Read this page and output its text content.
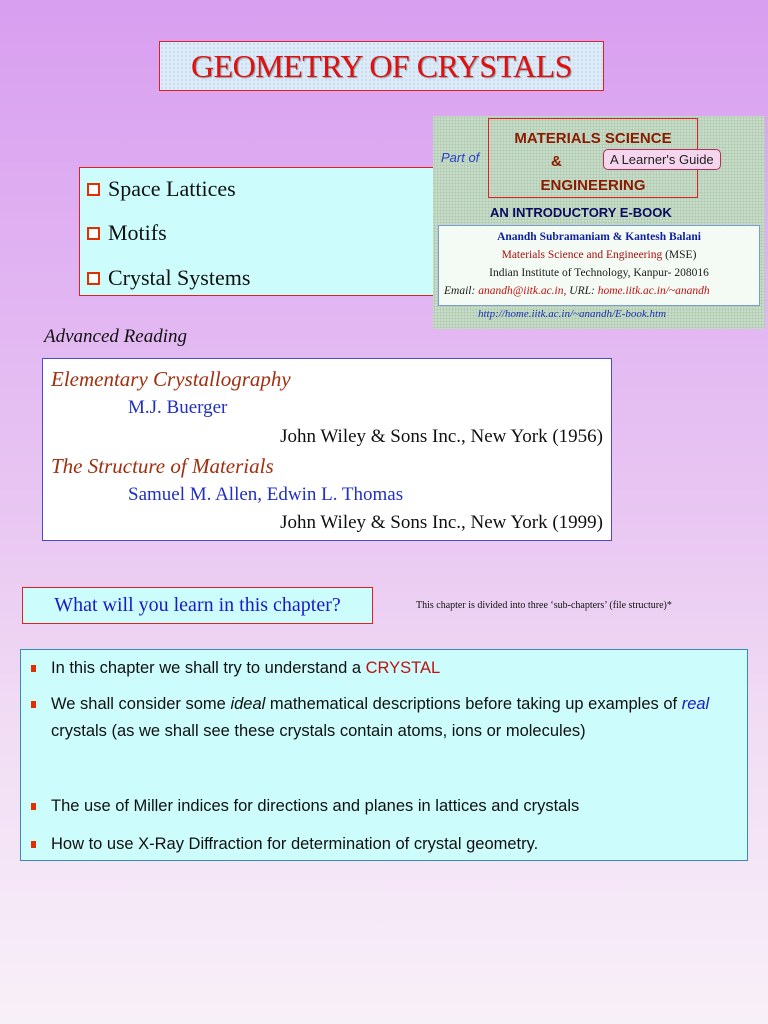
GEOMETRY OF CRYSTALS
Space Lattices
Motifs
Crystal Systems
Part of
MATERIALS SCIENCE
&
ENGINEERING
A Learner's Guide
AN INTRODUCTORY E-BOOK
Anandh Subramaniam & Kantesh Balani
Materials Science and Engineering (MSE)
Indian Institute of Technology, Kanpur- 208016
Email: anandh@iitk.ac.in, URL: home.iitk.ac.in/~anandh
http://home.iitk.ac.in/~anandh/E-book.htm
Advanced Reading
Elementary Crystallography
M.J. Buerger
John Wiley & Sons Inc., New York (1956)
The Structure of Materials
Samuel M. Allen, Edwin L. Thomas
John Wiley & Sons Inc., New York (1999)
What will you learn in this chapter?	This chapter is divided into three ‘sub-chapters’ (file structure)*
In this chapter we shall try to understand a CRYSTAL
We shall consider some ideal mathematical descriptions before taking up examples of real crystals (as we shall see these crystals contain atoms, ions or molecules)
The use of Miller indices for directions and planes in lattices and crystals
How to use X-Ray Diffraction for determination of crystal geometry.
